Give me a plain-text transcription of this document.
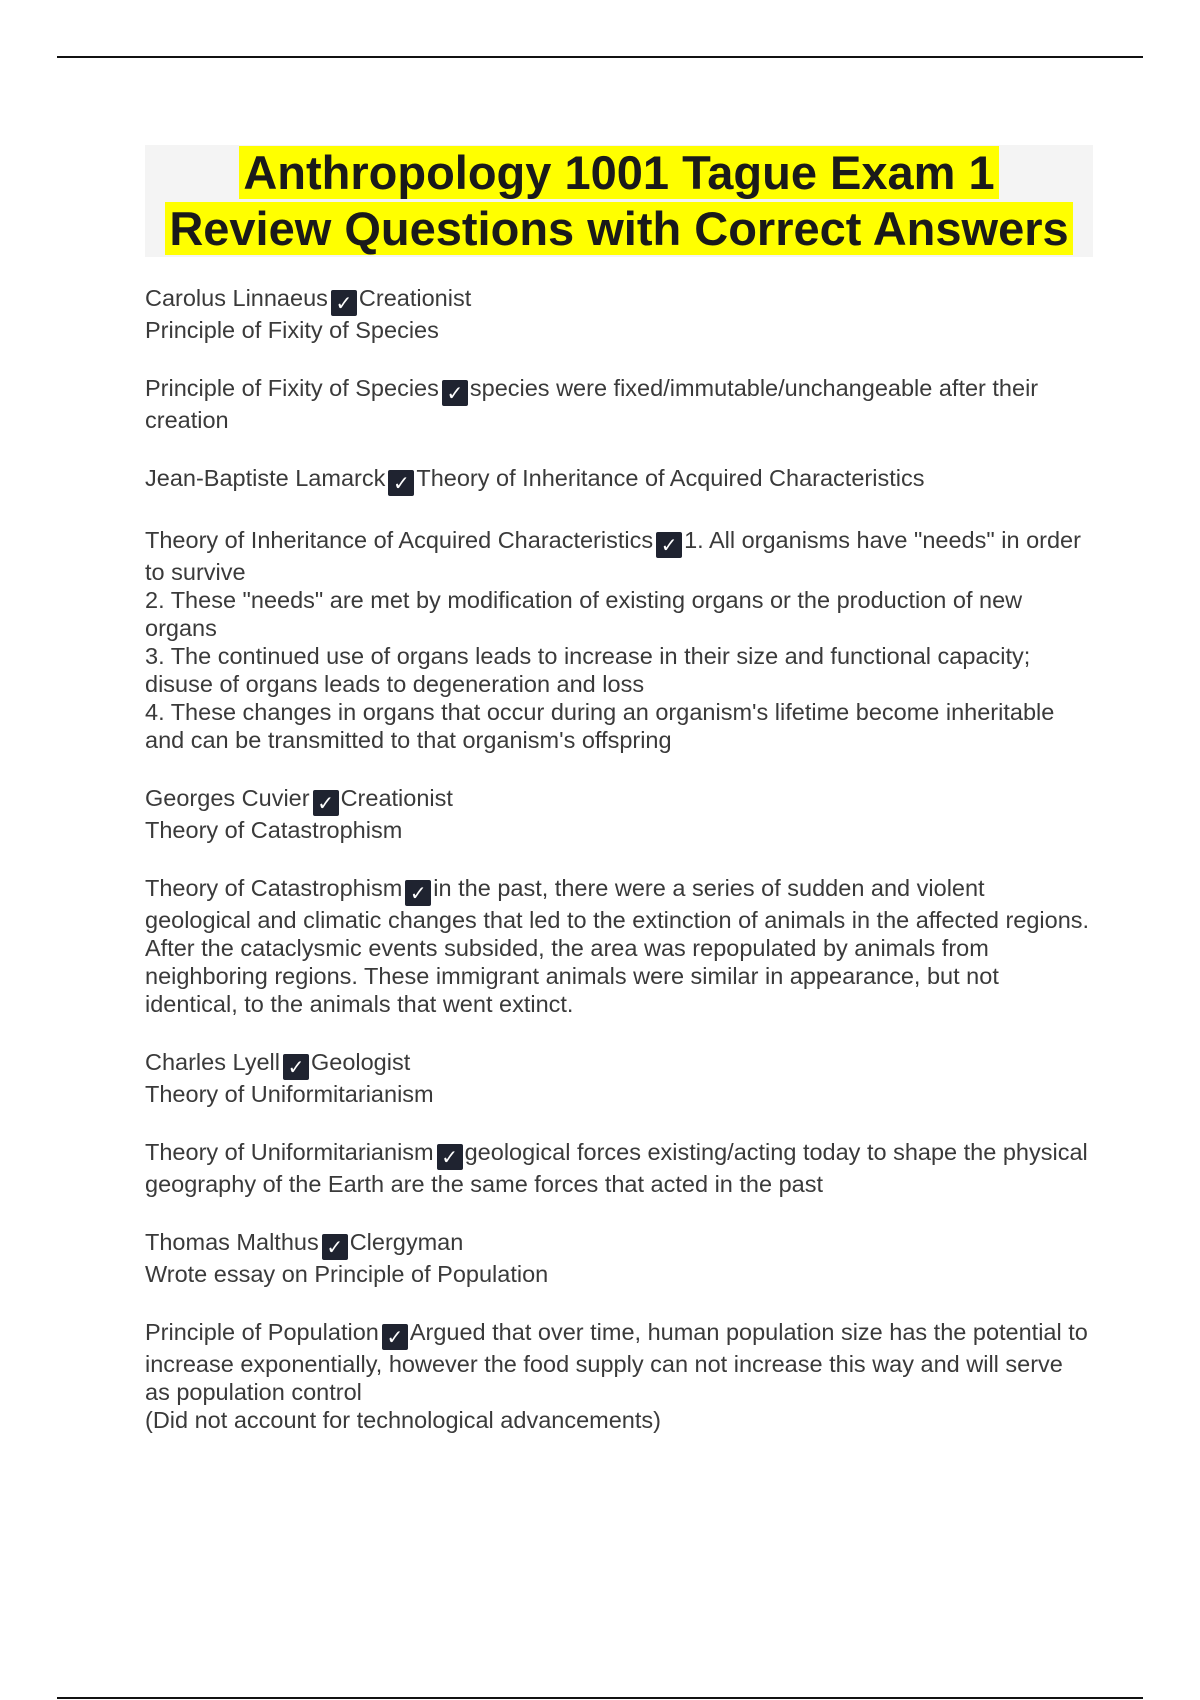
Anthropology 1001 Tague Exam 1
Review Questions with Correct Answers

Carolus Linnaeus ✓ Creationist
Principle of Fixity of Species

Principle of Fixity of Species ✓ species were fixed/immutable/unchangeable after their creation

Jean-Baptiste Lamarck ✓ Theory of Inheritance of Acquired Characteristics

Theory of Inheritance of Acquired Characteristics ✓ 1. All organisms have "needs" in order to survive
2. These "needs" are met by modification of existing organs or the production of new organs
3. The continued use of organs leads to increase in their size and functional capacity; disuse of organs leads to degeneration and loss
4. These changes in organs that occur during an organism's lifetime become inheritable and can be transmitted to that organism's offspring

Georges Cuvier ✓ Creationist
Theory of Catastrophism

Theory of Catastrophism ✓ in the past, there were a series of sudden and violent geological and climatic changes that led to the extinction of animals in the affected regions. After the cataclysmic events subsided, the area was repopulated by animals from neighboring regions. These immigrant animals were similar in appearance, but not identical, to the animals that went extinct.

Charles Lyell ✓ Geologist
Theory of Uniformitarianism

Theory of Uniformitarianism ✓ geological forces existing/acting today to shape the physical geography of the Earth are the same forces that acted in the past

Thomas Malthus ✓ Clergyman
Wrote essay on Principle of Population

Principle of Population ✓ Argued that over time, human population size has the potential to increase exponentially, however the food supply can not increase this way and will serve as population control
(Did not account for technological advancements)
